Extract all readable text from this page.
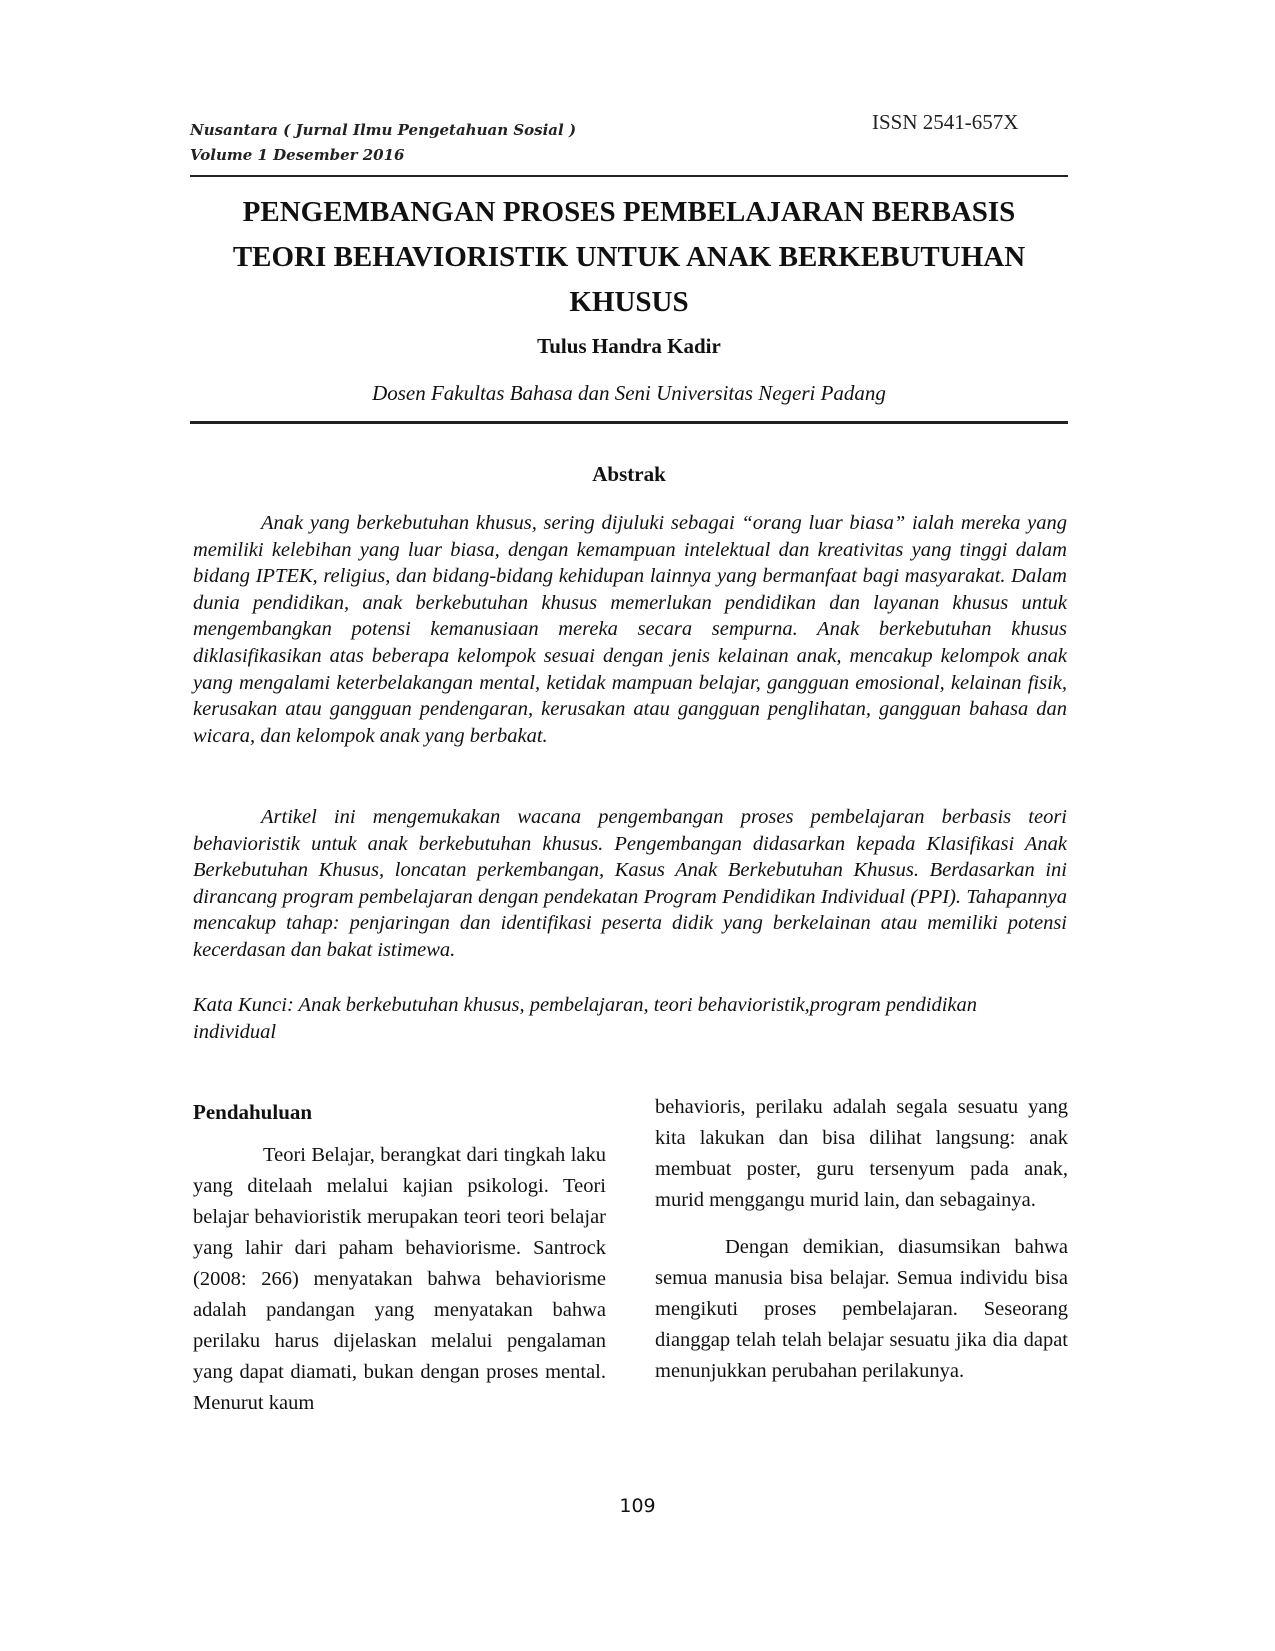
Nusantara ( Jurnal Ilmu Pengetahuan Sosial )
Volume 1 Desember 2016
ISSN 2541-657X
PENGEMBANGAN PROSES PEMBELAJARAN BERBASIS
TEORI BEHAVIORISTIK UNTUK ANAK BERKEBUTUHAN
KHUSUS
Tulus Handra Kadir
Dosen Fakultas Bahasa dan Seni Universitas Negeri Padang
Abstrak
Anak yang berkebutuhan khusus, sering dijuluki sebagai “orang luar biasa” ialah mereka yang memiliki kelebihan yang luar biasa, dengan kemampuan intelektual dan kreativitas yang tinggi dalam bidang IPTEK, religius, dan bidang-bidang kehidupan lainnya yang bermanfaat bagi masyarakat. Dalam dunia pendidikan, anak berkebutuhan khusus memerlukan pendidikan dan layanan khusus untuk mengembangkan potensi kemanusiaan mereka secara sempurna. Anak berkebutuhan khusus diklasifikasikan atas beberapa kelompok sesuai dengan jenis kelainan anak, mencakup kelompok anak yang mengalami keterbelakangan mental, ketidak mampuan belajar, gangguan emosional, kelainan fisik, kerusakan atau gangguan pendengaran, kerusakan atau gangguan penglihatan, gangguan bahasa dan wicara, dan kelompok anak yang berbakat.
Artikel ini mengemukakan wacana pengembangan proses pembelajaran berbasis teori behavioristik untuk anak berkebutuhan khusus. Pengembangan didasarkan kepada Klasifikasi Anak Berkebutuhan Khusus, loncatan perkembangan, Kasus Anak Berkebutuhan Khusus. Berdasarkan ini dirancang program pembelajaran dengan pendekatan Program Pendidikan Individual (PPI). Tahapannya mencakup tahap: penjaringan dan identifikasi peserta didik yang berkelainan atau memiliki potensi kecerdasan dan bakat istimewa.
Kata Kunci: Anak berkebutuhan khusus, pembelajaran, teori behavioristik,program pendidikan individual
Pendahuluan

Teori Belajar, berangkat dari tingkah laku yang ditelaah melalui kajian psikologi. Teori belajar behavioristik merupakan teori teori belajar yang lahir dari paham behaviorisme. Santrock (2008: 266) menyatakan bahwa behaviorisme adalah pandangan yang menyatakan bahwa perilaku harus dijelaskan melalui pengalaman yang dapat diamati, bukan dengan proses mental. Menurut kaum

behavioris, perilaku adalah segala sesuatu yang kita lakukan dan bisa dilihat langsung: anak membuat poster, guru tersenyum pada anak, murid menggangu murid lain, dan sebagainya.

Dengan demikian, diasumsikan bahwa semua manusia bisa belajar. Semua individu bisa mengikuti proses pembelajaran. Seseorang dianggap telah telah belajar sesuatu jika dia dapat menunjukkan perubahan perilakunya.

109
